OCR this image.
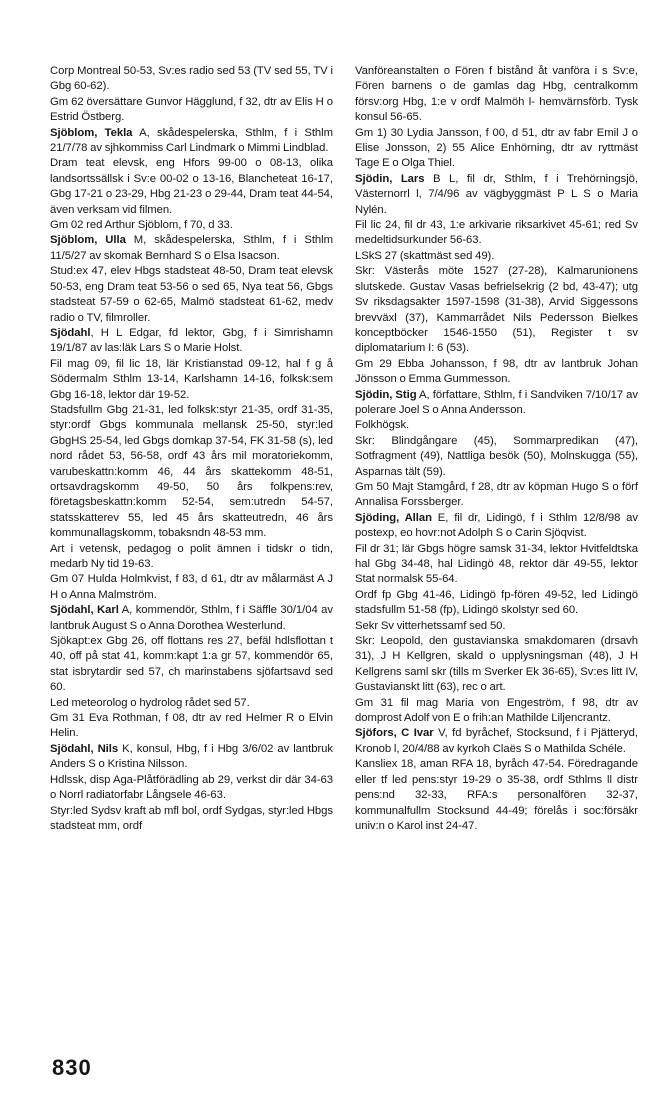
Corp Montreal 50-53, Sv:es radio sed 53 (TV sed 55, TV i Gbg 60-62).

Gm 62 översättare Gunvor Hägglund, f 32, dtr av Elis H o Estrid Östberg.

Sjöblom, Tekla A, skådespelerska, Sthlm, f i Sthlm 21/7/78 av sjhkommiss Carl Lindmark o Mimmi Lindblad.

Dram teat elevsk, eng Hfors 99-00 o 08-13, olika landsortssällsk i Sv:e 00-02 o 13-16, Blancheteat 16-17, Gbg 17-21 o 23-29, Hbg 21-23 o 29-44, Dram teat 44-54, även verksam vid filmen.

Gm 02 red Arthur Sjöblom, f 70, d 33.

Sjöblom, Ulla M, skådespelerska, Sthlm, f i Sthlm 11/5/27 av skomak Bernhard S o Elsa Isacson.

Stud:ex 47, elev Hbgs stadsteat 48-50, Dram teat elevsk 50-53, eng Dram teat 53-56 o sed 65, Nya teat 56, Gbgs stadsteat 57-59 o 62-65, Malmö stadsteat 61-62, medv radio o TV, filmroller.

Sjödahl, H L Edgar, fd lektor, Gbg, f i Simrishamn 19/1/87 av las:läk Lars S o Marie Holst.

Fil mag 09, fil lic 18, lär Kristianstad 09-12, hal f g å Södermalm Sthlm 13-14, Karlshamn 14-16, folksk:sem Gbg 16-18, lektor där 19-52.

Stadsfullm Gbg 21-31, led folksk:styr 21-35, ordf 31-35, styr:ordf Gbgs kommunala mellansk 25-50, styr:led GbgHS 25-54, led Gbgs domkap 37-54, FK 31-58 (s), led nord rådet 53, 56-58, ordf 43 års mil moratoriekomm, varubeskattn:komm 46, 44 års skattekomm 48-51, ortsavdragskomm 49-50, 50 års folkpens:rev, företagsbeskattn:komm 52-54, sem:utredn 54-57, statsskatterev 55, led 45 års skatteutredn, 46 års kommunallagskomm, tobaksndn 48-53 mm.

Art i vetensk, pedagog o polit ämnen i tidskr o tidn, medarb Ny tid 19-63.

Gm 07 Hulda Holmkvist, f 83, d 61, dtr av målarmäst A J H o Anna Malmström.

Sjödahl, Karl A, kommendör, Sthlm, f i Säffle 30/1/04 av lantbruk August S o Anna Dorothea Westerlund.

Sjökapt:ex Gbg 26, off flottans res 27, befäl hdlsflottan t 40, off på stat 41, komm:kapt 1:a gr 57, kommendör 65, stat isbrytardir sed 57, ch marinstabens sjöfartsavd sed 60.

Led meteorolog o hydrolog rådet sed 57.

Gm 31 Eva Rothman, f 08, dtr av red Helmer R o Elvin Helin.

Sjödahl, Nils K, konsul, Hbg, f i Hbg 3/6/02 av lantbruk Anders S o Kristina Nilsson.

Hdlssk, disp Aga-Plåtförädling ab 29, verkst dir där 34-63 o Norrl radiatorfabr Långsele 46-63.

Styr:led Sydsv kraft ab mfl bol, ordf Sydgas, styr:led Hbgs stadsteat mm, ordf

Vanföreanstalten o Fören f bistånd åt vanföra i s Sv:e, Fören barnens o de gamlas dag Hbg, centralkomm försv:org Hbg, 1:e v ordf Malmöh l- hemvärnsförb. Tysk konsul 56-65.

Gm 1) 30 Lydia Jansson, f 00, d 51, dtr av fabr Emil J o Elise Jonsson, 2) 55 Alice Enhörning, dtr av ryttmäst Tage E o Olga Thiel.

Sjödin, Lars B L, fil dr, Sthlm, f i Trehörningsjö, Västernorrl l, 7/4/96 av vägbyggmäst P L S o Maria Nylén.

Fil lic 24, fil dr 43, 1:e arkivarie riksarkivet 45-61; red Sv medeltidsurkunder 56-63.

LSkS 27 (skattmäst sed 49).

Skr: Västerås möte 1527 (27-28), Kalmarunionens slutskede. Gustav Vasas befrielsekrig (2 bd, 43-47); utg Sv riksdagsakter 1597-1598 (31-38), Arvid Siggessons brevväxl (37), Kammarrådet Nils Pedersson Bielkes konceptböcker 1546-1550 (51), Register t sv diplomatarium I: 6 (53).

Gm 29 Ebba Johansson, f 98, dtr av lantbruk Johan Jönsson o Emma Gummesson.

Sjödin, Stig A, författare, Sthlm, f i Sandviken 7/10/17 av polerare Joel S o Anna Andersson.

Folkhögsk.

Skr: Blindgångare (45), Sommarpredikan (47), Sotfragment (49), Nattliga besök (50), Molnskugga (55), Asparnas tält (59).

Gm 50 Majt Stamgård, f 28, dtr av köpman Hugo S o förf Annalisa Forssberger.

Sjöding, Allan E, fil dr, Lidingö, f i Sthlm 12/8/98 av postexp, eo hovr:not Adolph S o Carin Sjöqvist.

Fil dr 31; lär Gbgs högre samsk 31-34, lektor Hvitfeldtska hal Gbg 34-48, hal Lidingö 48, rektor där 49-55, lektor Stat normalsk 55-64.

Ordf fp Gbg 41-46, Lidingö fp-fören 49-52, led Lidingö stadsfullm 51-58 (fp), Lidingö skolstyr sed 60.

Sekr Sv vitterhetssamf sed 50.

Skr: Leopold, den gustavianska smakdomaren (drsavh 31), J H Kellgren, skald o upplysningsman (48), J H Kellgrens saml skr (tills m Sverker Ek 36-65), Sv:es litt IV, Gustavianskt litt (63), rec o art.

Gm 31 fil mag Maria von Engeström, f 98, dtr av domprost Adolf von E o frih:an Mathilde Liljencrantz.

Sjöfors, C Ivar V, fd byråchef, Stocksund, f i Pjätteryd, Kronob l, 20/4/88 av kyrkoh Claës S o Mathilda Schéle.

Kansliex 18, aman RFA 18, byråch 47-54. Föredragande eller tf led pens:styr 19-29 o 35-38, ordf Sthlms ll distr pens:nd 32-33, RFA:s personalfören 32-37, kommunalfullm Stocksund 44-49; förelås i soc:försäkr univ:n o Karol inst 24-47.

830
